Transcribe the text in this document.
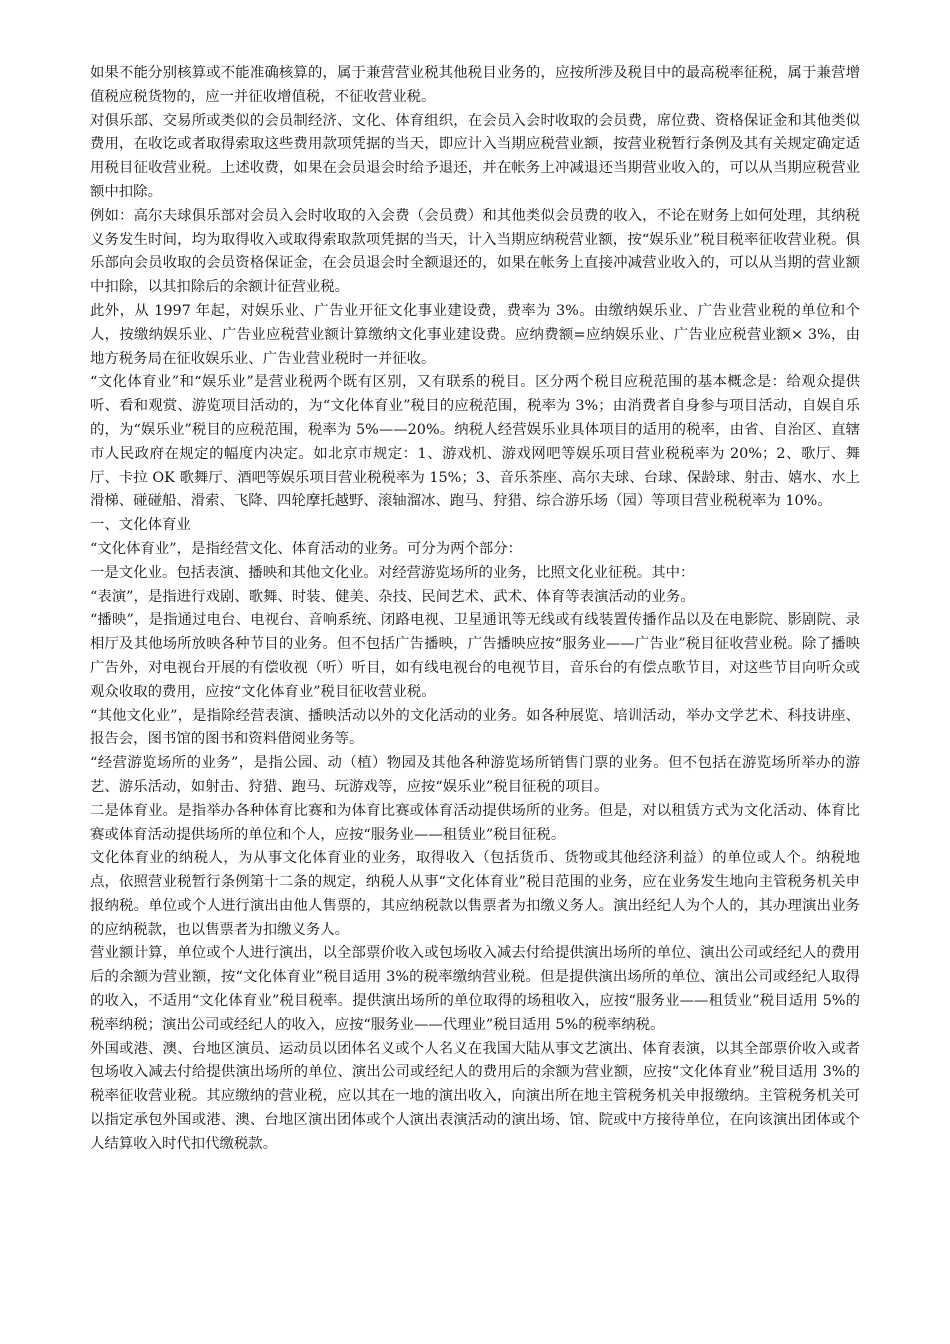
如果不能分别核算或不能准确核算的，属于兼营营业税其他税目业务的，应按所涉及税目中的最高税率征税，属于兼营增值税应税货物的，应一并征收增值税，不征收营业税。

对俱乐部、交易所或类似的会员制经济、文化、体育组织，在会员入会时收取的会员费，席位费、资格保证金和其他类似费用，在收讫或者取得索取这些费用款项凭据的当天，即应计入当期应税营业额，按营业税暂行条例及其有关规定确定适用税目征收营业税。上述收费，如果在会员退会时给予退还，并在帐务上冲减退还当期营业收入的，可以从当期应税营业额中扣除。

例如：高尔夫球俱乐部对会员入会时收取的入会费（会员费）和其他类似会员费的收入，不论在财务上如何处理，其纳税义务发生时间，均为取得收入或取得索取款项凭据的当天，计入当期应纳税营业额，按“娱乐业”税目税率征收营业税。俱乐部向会员收取的会员资格保证金，在会员退会时全额退还的，如果在帐务上直接冲减营业收入的，可以从当期的营业额中扣除，以其扣除后的余额计征营业税。

此外，从 1997 年起，对娱乐业、广告业开征文化事业建设费，费率为 3%。由缴纳娱乐业、广告业营业税的单位和个人，按缴纳娱乐业、广告业应税营业额计算缴纳文化事业建设费。应纳费额=应纳娱乐业、广告业应税营业额× 3%，由地方税务局在征收娱乐业、广告业营业税时一并征收。

“文化体育业”和“娱乐业”是营业税两个既有区别，又有联系的税目。区分两个税目应税范围的基本概念是：给观众提供听、看和观赏、游览项目活动的，为“文化体育业”税目的应税范围，税率为 3%；由消费者自身参与项目活动，自娱自乐的，为“娱乐业”税目的应税范围，税率为 5%——20%。纳税人经营娱乐业具体项目的适用的税率，由省、自治区、直辖市人民政府在规定的幅度内决定。如北京市规定：1、游戏机、游戏网吧等娱乐项目营业税税率为 20%；2、歌厅、舞厅、卡拉 OK 歌舞厅、酒吧等娱乐项目营业税税率为 15%；3、音乐茶座、高尔夫球、台球、保龄球、射击、嬉水、水上滑梯、碰碰船、滑索、飞降、四轮摩托越野、滚轴溜冰、跑马、狩猎、综合游乐场（园）等项目营业税税率为 10%。

一、文化体育业

“文化体育业”，是指经营文化、体育活动的业务。可分为两个部分：

一是文化业。包括表演、播映和其他文化业。对经营游览场所的业务，比照文化业征税。其中：

“表演”，是指进行戏剧、歌舞、时装、健美、杂技、民间艺术、武术、体育等表演活动的业务。

“播映”，是指通过电台、电视台、音响系统、闭路电视、卫星通讯等无线或有线装置传播作品以及在电影院、影剧院、录相厅及其他场所放映各种节目的业务。但不包括广告播映，广告播映应按“服务业——广告业”税目征收营业税。除了播映广告外，对电视台开展的有偿收视（听）听目，如有线电视台的电视节目，音乐台的有偿点歌节目，对这些节目向听众或观众收取的费用，应按“文化体育业”税目征收营业税。

“其他文化业”，是指除经营表演、播映活动以外的文化活动的业务。如各种展览、培训活动，举办文学艺术、科技讲座、报告会，图书馆的图书和资料借阅业务等。

“经营游览场所的业务”，是指公园、动（植）物园及其他各种游览场所销售门票的业务。但不包括在游览场所举办的游艺、游乐活动，如射击、狩猎、跑马、玩游戏等，应按“娱乐业”税目征税的项目。

二是体育业。是指举办各种体育比赛和为体育比赛或体育活动提供场所的业务。但是，对以租赁方式为文化活动、体育比赛或体育活动提供场所的单位和个人，应按“服务业——租赁业”税目征税。

文化体育业的纳税人，为从事文化体育业的业务，取得收入（包括货币、货物或其他经济利益）的单位或人个。纳税地点，依照营业税暂行条例第十二条的规定，纳税人从事“文化体育业”税目范围的业务，应在业务发生地向主管税务机关申报纳税。单位或个人进行演出由他人售票的，其应纳税款以售票者为扣缴义务人。演出经纪人为个人的，其办理演出业务的应纳税款，也以售票者为扣缴义务人。

营业额计算，单位或个人进行演出，以全部票价收入或包场收入减去付给提供演出场所的单位、演出公司或经纪人的费用后的余额为营业额，按“文化体育业”税目适用 3%的税率缴纳营业税。但是提供演出场所的单位、演出公司或经纪人取得的收入，不适用“文化体育业”税目税率。提供演出场所的单位取得的场租收入，应按“服务业——租赁业”税目适用 5%的税率纳税；演出公司或经纪人的收入，应按“服务业——代理业”税目适用 5%的税率纳税。

外国或港、澳、台地区演员、运动员以团体名义或个人名义在我国大陆从事文艺演出、体育表演，以其全部票价收入或者包场收入减去付给提供演出场所的单位、演出公司或经纪人的费用后的余额为营业额，应按“文化体育业”税目适用 3%的税率征收营业税。其应缴纳的营业税，应以其在一地的演出收入，向演出所在地主管税务机关申报缴纳。主管税务机关可以指定承包外国或港、澳、台地区演出团体或个人演出表演活动的演出场、馆、院或中方接待单位，在向该演出团体或个人结算收入时代扣代缴税款。
